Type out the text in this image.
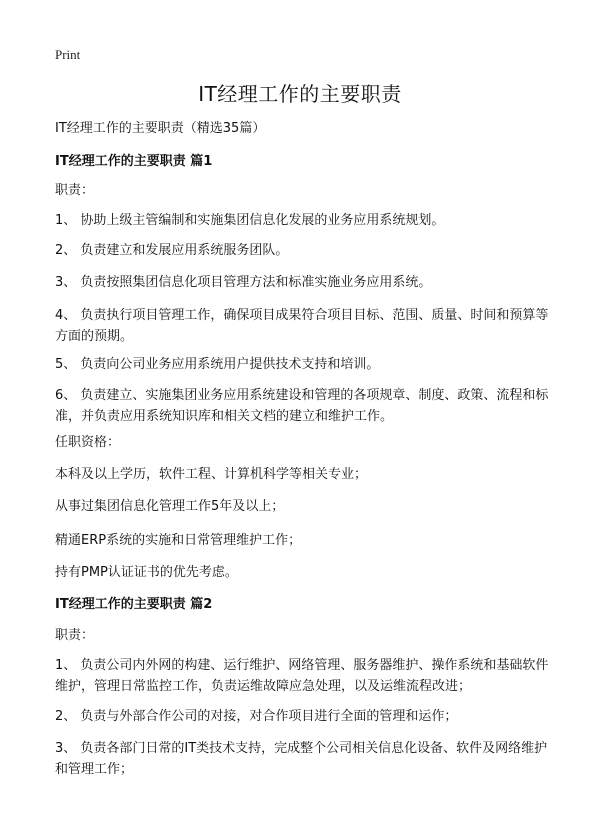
Print
IT经理工作的主要职责

IT经理工作的主要职责（精选35篇）

IT经理工作的主要职责 篇1

职责：

1、 协助上级主管编制和实施集团信息化发展的业务应用系统规划。

2、 负责建立和发展应用系统服务团队。

3、 负责按照集团信息化项目管理方法和标准实施业务应用系统。

4、 负责执行项目管理工作，确保项目成果符合项目目标、范围、质量、时间和预算等方面的预期。

5、 负责向公司业务应用系统用户提供技术支持和培训。

6、 负责建立、实施集团业务应用系统建设和管理的各项规章、制度、政策、流程和标准，并负责应用系统知识库和相关文档的建立和维护工作。

任职资格：

本科及以上学历，软件工程、计算机科学等相关专业；

从事过集团信息化管理工作5年及以上；

精通ERP系统的实施和日常管理维护工作；

持有PMP认证证书的优先考虑。

IT经理工作的主要职责 篇2

职责：

1、 负责公司内外网的构建、运行维护、网络管理、服务器维护、操作系统和基础软件维护，管理日常监控工作，负责运维故障应急处理，以及运维流程改进；

2、 负责与外部合作公司的对接，对合作项目进行全面的管理和运作；

3、 负责各部门日常的IT类技术支持，完成整个公司相关信息化设备、软件及网络维护和管理工作；
